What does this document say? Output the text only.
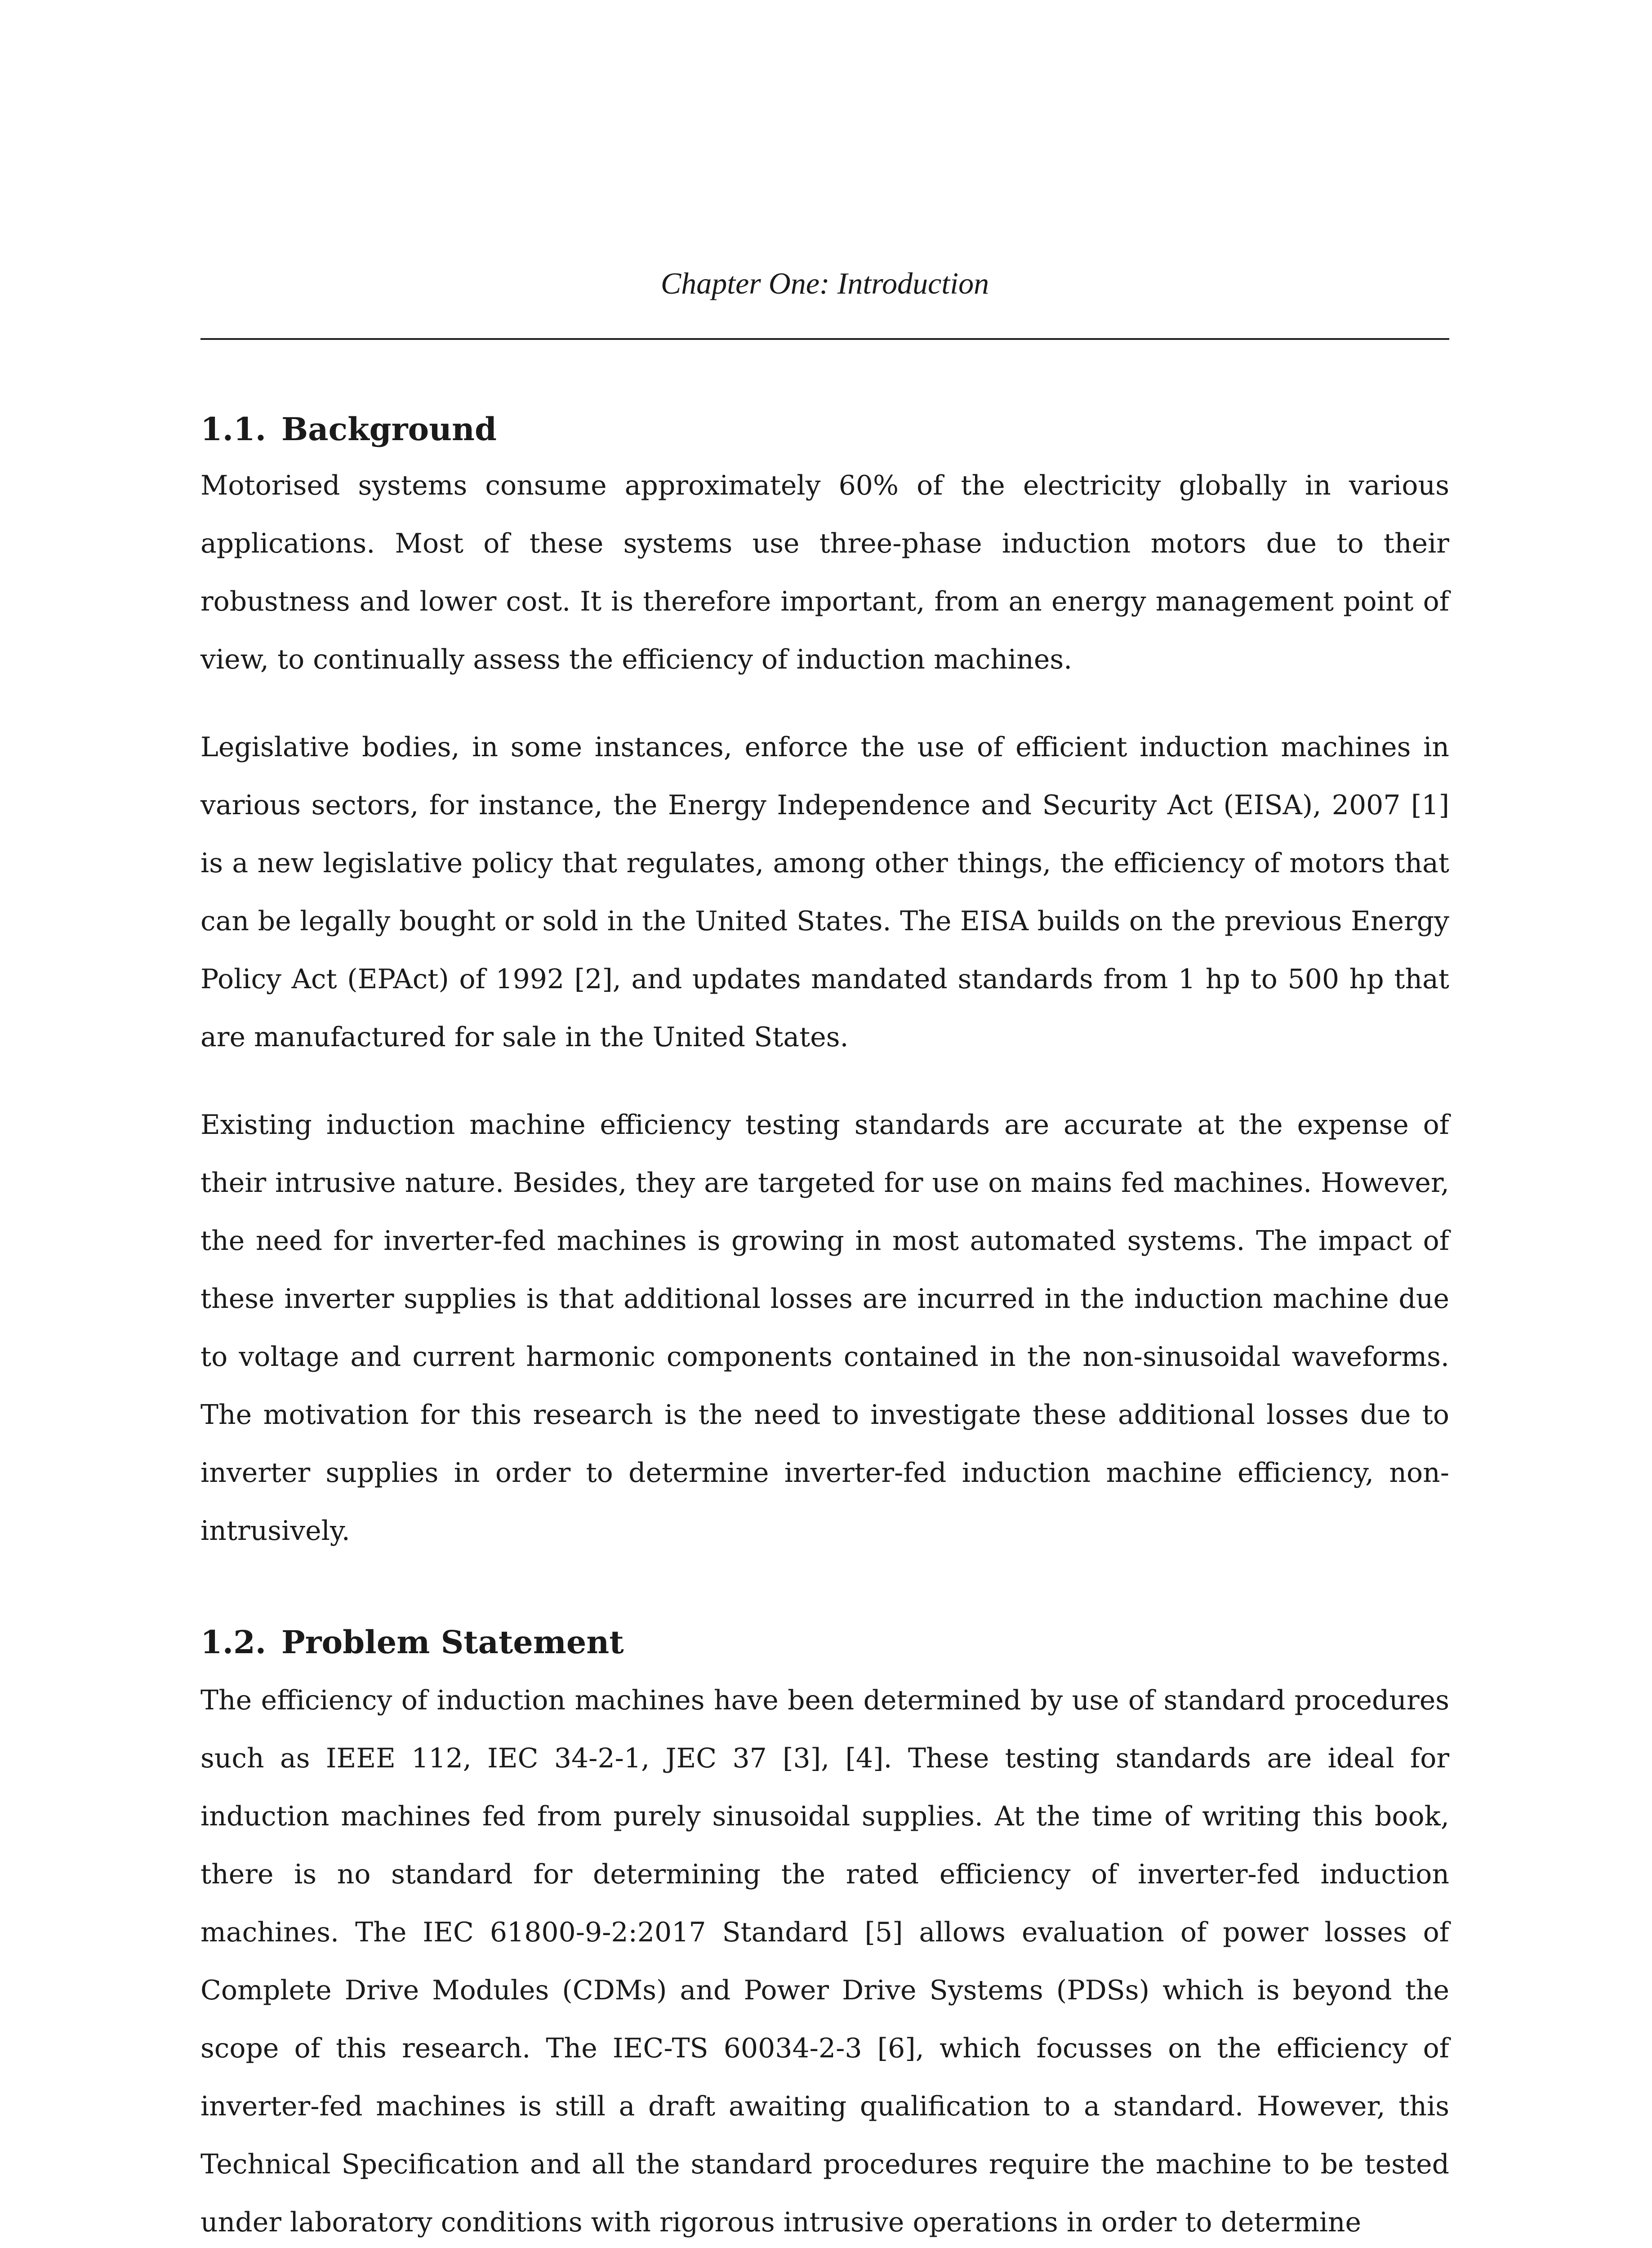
Chapter One: Introduction
1.1. Background

Motorised systems consume approximately 60% of the electricity globally in various applications. Most of these systems use three-phase induction motors due to their robustness and lower cost. It is therefore important, from an energy management point of view, to continually assess the efficiency of induction machines.

Legislative bodies, in some instances, enforce the use of efficient induction machines in various sectors, for instance, the Energy Independence and Security Act (EISA), 2007 [1] is a new legislative policy that regulates, among other things, the efficiency of motors that can be legally bought or sold in the United States. The EISA builds on the previous Energy Policy Act (EPAct) of 1992 [2], and updates mandated standards from 1 hp to 500 hp that are manufactured for sale in the United States.

Existing induction machine efficiency testing standards are accurate at the expense of their intrusive nature. Besides, they are targeted for use on mains fed machines. However, the need for inverter-fed machines is growing in most automated systems. The impact of these inverter supplies is that additional losses are incurred in the induction machine due to voltage and current harmonic components contained in the non-sinusoidal waveforms. The motivation for this research is the need to investigate these additional losses due to inverter supplies in order to determine inverter-fed induction machine efficiency, non-intrusively.

1.2. Problem Statement

The efficiency of induction machines have been determined by use of standard procedures such as IEEE 112, IEC 34-2-1, JEC 37 [3], [4]. These testing standards are ideal for induction machines fed from purely sinusoidal supplies. At the time of writing this book, there is no standard for determining the rated efficiency of inverter-fed induction machines. The IEC 61800-9-2:2017 Standard [5] allows evaluation of power losses of Complete Drive Modules (CDMs) and Power Drive Systems (PDSs) which is beyond the scope of this research. The IEC-TS 60034-2-3 [6], which focusses on the efficiency of inverter-fed machines is still a draft awaiting qualification to a standard. However, this Technical Specification and all the standard procedures require the machine to be tested under laboratory conditions with rigorous intrusive operations in order to determine
